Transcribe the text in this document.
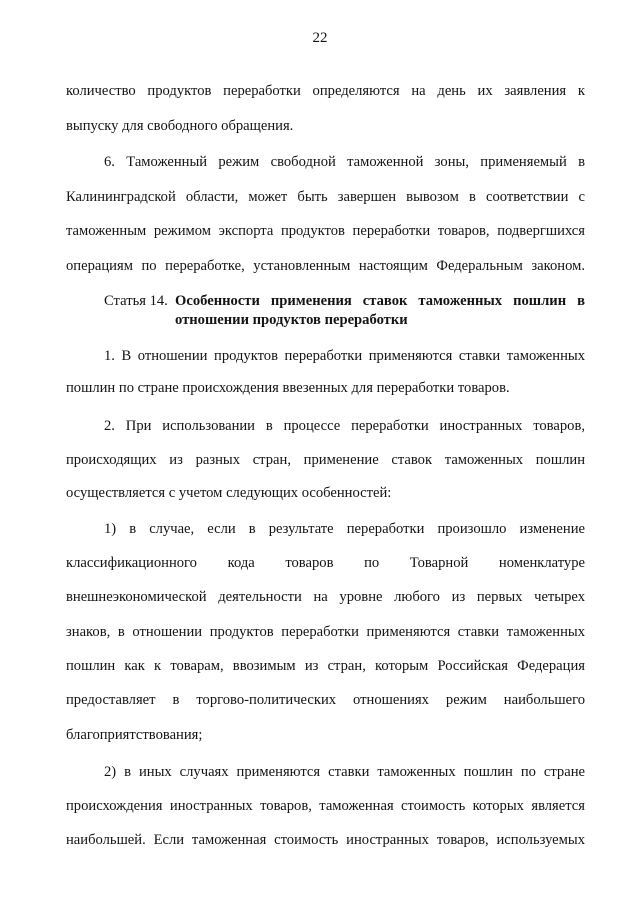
22
количество продуктов переработки определяются на день их заявления к
выпуску для свободного обращения.
6. Таможенный режим свободной таможенной зоны, применяемый в
Калининградской области, может быть завершен вывозом в соответствии с
таможенным режимом экспорта продуктов переработки товаров, подвергшихся
операциям по переработке, установленным настоящим Федеральным законом.
Статья 14. Особенности применения ставок таможенных пошлин в
отношении продуктов переработки
1. В отношении продуктов переработки применяются ставки таможенных
пошлин по стране происхождения ввезенных для переработки товаров.
2. При использовании в процессе переработки иностранных товаров,
происходящих из разных стран, применение ставок таможенных пошлин
осуществляется с учетом следующих особенностей:
1) в случае, если в результате переработки произошло изменение
классификационного кода товаров по Товарной номенклатуре
внешнеэкономической деятельности на уровне любого из первых четырех
знаков, в отношении продуктов переработки применяются ставки таможенных
пошлин как к товарам, ввозимым из стран, которым Российская Федерация
предоставляет в торгово-политических отношениях режим наибольшего
благоприятствования;
2) в иных случаях применяются ставки таможенных пошлин по стране
происхождения иностранных товаров, таможенная стоимость которых является
наибольшей. Если таможенная стоимость иностранных товаров, используемых
